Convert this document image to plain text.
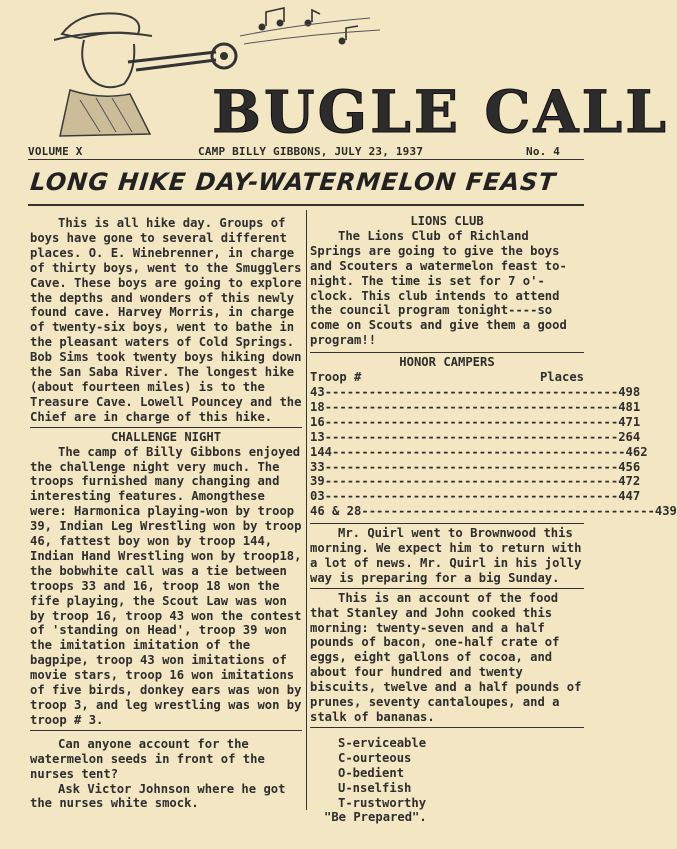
BUGLE CALL
VOLUME X	CAMP BILLY GIBBONS, JULY 23, 1937	No. 4
LONG HIKE DAY-WATERMELON FEAST

This is all hike day. Groups of boys have gone to several different places. O. E. Winebrenner, in charge of thirty boys, went to the Smugglers Cave. These boys are going to explore the depths and wonders of this newly found cave. Harvey Morris, in charge of twenty-six boys, went to bathe in the pleasant waters of Cold Springs. Bob Sims took twenty boys hiking down the San Saba River. The longest hike (about fourteen miles) is to the Treasure Cave. Lowell Pouncey and the Chief are in charge of this hike.

CHALLENGE NIGHT

The camp of Billy Gibbons enjoyed the challenge night very much. The troops furnished many changing and interesting features. Amongthese were: Harmonica playing-won by troop 39, Indian Leg Wrestling won by troop 46, fattest boy won by troop 144, Indian Hand Wrestling won by troop18, the bobwhite call was a tie between troops 33 and 16, troop 18 won the fife playing, the Scout Law was won by troop 16, troop 43 won the contest of 'standing on Head', troop 39 won the imitation imitation of the bagpipe, troop 43 won imitations of movie stars, troop 16 won imitations of five birds, donkey ears was won by troop 3, and leg wrestling was won by troop # 3.

Can anyone account for the watermelon seeds in front of the nurses tent?

Ask Victor Johnson where he got the nurses white smock.

LIONS CLUB

The Lions Club of Richland Springs are going to give the boys and Scouters a watermelon feast to-night. The time is set for 7 o'-clock. This club intends to attend the council program tonight----so come on Scouts and give them a good program!!

HONOR CAMPERS

Troop #	Places
43 ---------------------------------------- 498
18 ---------------------------------------- 481
16 ---------------------------------------- 471
13 ---------------------------------------- 264
144 ---------------------------------------- 462
33 ---------------------------------------- 456
39 ---------------------------------------- 472
03 ---------------------------------------- 447
46 & 28 ---------------------------------------- 439

Mr. Quirl went to Brownwood this morning. We expect him to return with a lot of news. Mr. Quirl in his jolly way is preparing for a big Sunday.

This is an account of the food that Stanley and John cooked this morning: twenty-seven and a half pounds of bacon, one-half crate of eggs, eight gallons of cocoa, and about four hundred and twenty biscuits, twelve and a half pounds of prunes, seventy cantaloupes, and a stalk of bananas.

S-erviceable

C-ourteous

O-bedient

U-nselfish

T-rustworthy

"Be Prepared".
